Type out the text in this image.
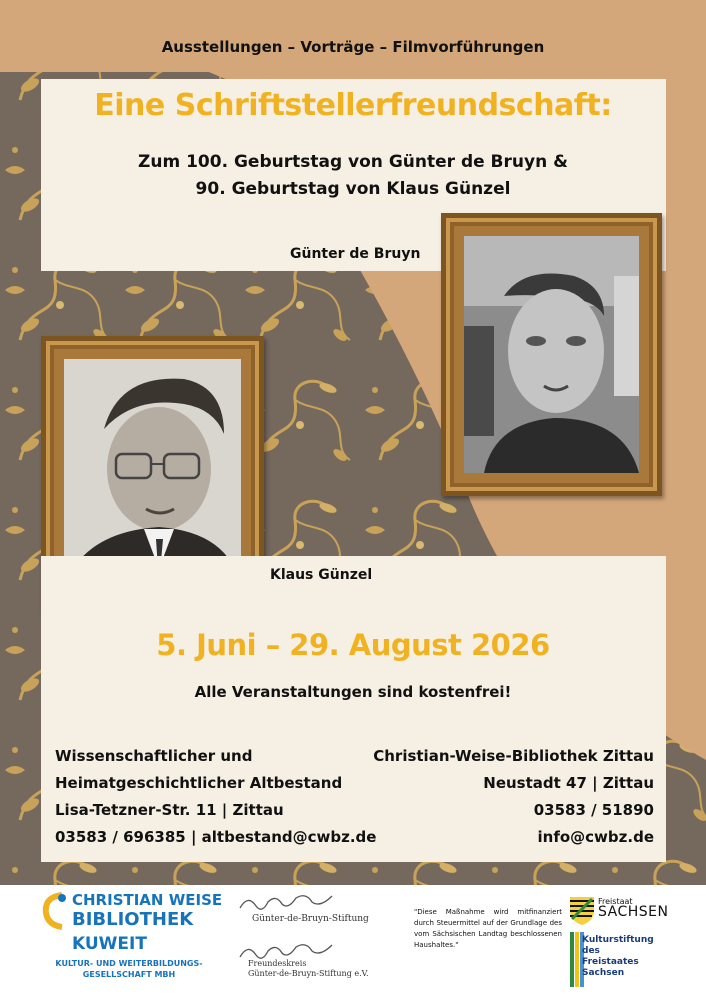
Ausstellungen – Vorträge – Filmvorführungen
Eine Schriftstellerfreundschaft:
Zum 100. Geburtstag von Günter de Bruyn &
90. Geburtstag von Klaus Günzel
Günter de Bruyn
Klaus Günzel
5. Juni – 29. August 2026
Alle Veranstaltungen sind kostenfrei!
Wissenschaftlicher und
Heimatgeschichtlicher Altbestand
Lisa-Tetzner-Str. 11 | Zittau
03583 / 696385 | altbestand@cwbz.de
Christian-Weise-Bibliothek Zittau
Neustadt 47 | Zittau
03583 / 51890
info@cwbz.de
CHRISTIAN WEISE
BIBLIOTHEK
KUWEIT
KULTUR- UND WEITERBILDUNGS-
GESELLSCHAFT MBH
Günter-de-Bruyn-Stiftung
Freundeskreis
Günter-de-Bruyn-Stiftung e.V.
"Diese Maßnahme wird mitfinanziert durch Steuermittel auf der Grundlage des vom Sächsischen Landtag beschlossenen Haushaltes."
Freistaat
SACHSEN
Kulturstiftung
des
Freistaates
Sachsen
